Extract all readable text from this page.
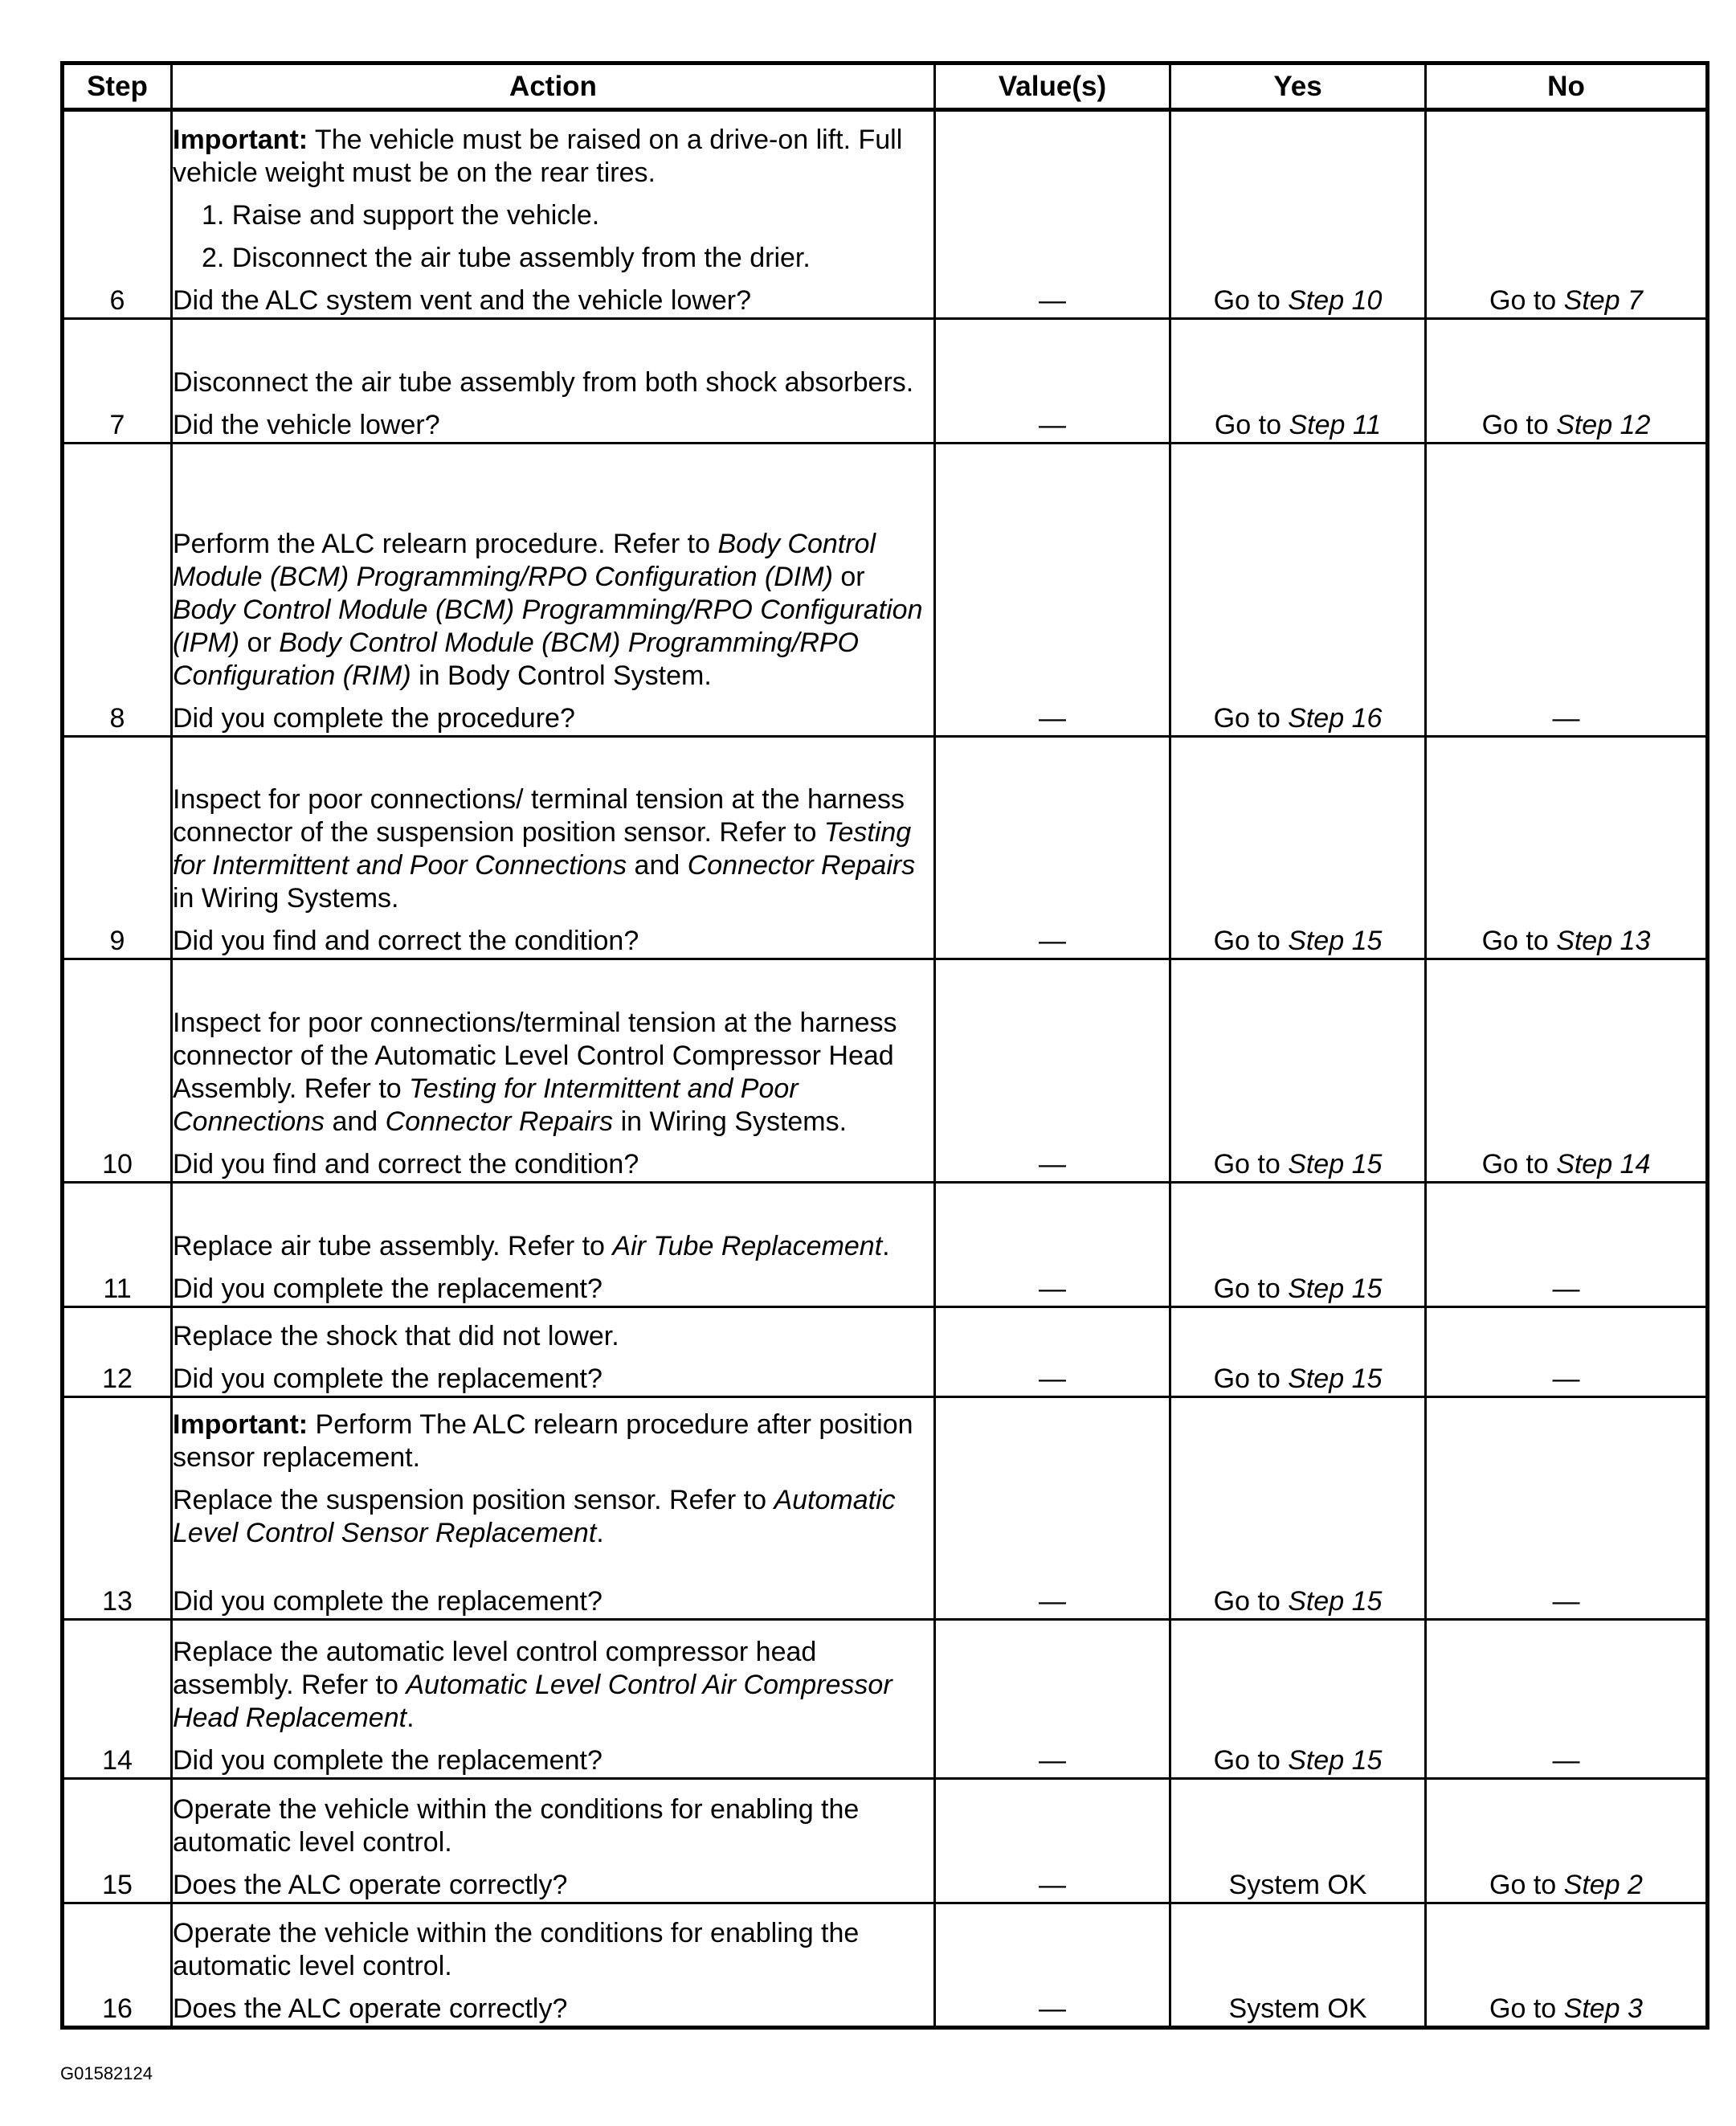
Step	Action	Value(s)	Yes	No
6	Important: The vehicle must be raised on a drive-on lift. Full vehicle weight must be on the rear tires.
1. Raise and support the vehicle.
2. Disconnect the air tube assembly from the drier.
Did the ALC system vent and the vehicle lower?	—	Go to Step 10	Go to Step 7
7	Disconnect the air tube assembly from both shock absorbers.
Did the vehicle lower?	—	Go to Step 11	Go to Step 12
8	Perform the ALC relearn procedure. Refer to Body Control Module (BCM) Programming/RPO Configuration (DIM) or Body Control Module (BCM) Programming/RPO Configuration (IPM) or Body Control Module (BCM) Programming/RPO Configuration (RIM) in Body Control System.
Did you complete the procedure?	—	Go to Step 16	—
9	Inspect for poor connections/ terminal tension at the harness connector of the suspension position sensor. Refer to Testing for Intermittent and Poor Connections and Connector Repairs in Wiring Systems.
Did you find and correct the condition?	—	Go to Step 15	Go to Step 13
10	Inspect for poor connections/terminal tension at the harness connector of the Automatic Level Control Compressor Head Assembly. Refer to Testing for Intermittent and Poor Connections and Connector Repairs in Wiring Systems.
Did you find and correct the condition?	—	Go to Step 15	Go to Step 14
11	Replace air tube assembly. Refer to Air Tube Replacement.
Did you complete the replacement?	—	Go to Step 15	—
12	Replace the shock that did not lower.
Did you complete the replacement?	—	Go to Step 15	—
13	Important: Perform The ALC relearn procedure after position sensor replacement.
Replace the suspension position sensor. Refer to Automatic Level Control Sensor Replacement.
Did you complete the replacement?	—	Go to Step 15	—
14	Replace the automatic level control compressor head assembly. Refer to Automatic Level Control Air Compressor Head Replacement.
Did you complete the replacement?	—	Go to Step 15	—
15	Operate the vehicle within the conditions for enabling the automatic level control.
Does the ALC operate correctly?	—	System OK	Go to Step 2
16	Operate the vehicle within the conditions for enabling the automatic level control.
Does the ALC operate correctly?	—	System OK	Go to Step 3
G01582124
